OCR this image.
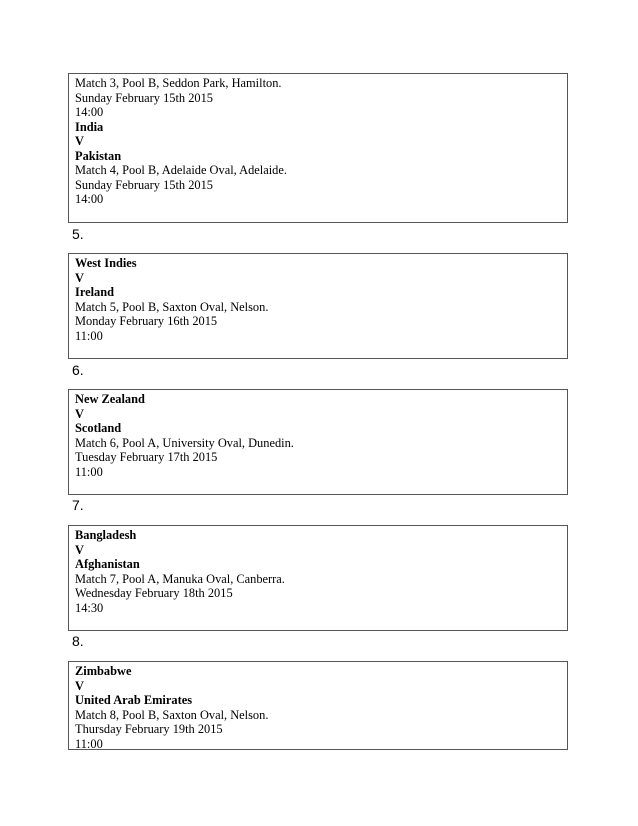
Match 3, Pool B, Seddon Park, Hamilton.
Sunday February 15th 2015
14:00
India
V
Pakistan
Match 4, Pool B, Adelaide Oval, Adelaide.
Sunday February 15th 2015
14:00
5.
West Indies
V
Ireland
Match 5, Pool B, Saxton Oval, Nelson.
Monday February 16th 2015
11:00
6.
New Zealand
V
Scotland
Match 6, Pool A, University Oval, Dunedin.
Tuesday February 17th 2015
11:00
7.
Bangladesh
V
Afghanistan
Match 7, Pool A, Manuka Oval, Canberra.
Wednesday February 18th 2015
14:30
8.
Zimbabwe
V
United Arab Emirates
Match 8, Pool B, Saxton Oval, Nelson.
Thursday February 19th 2015
11:00
